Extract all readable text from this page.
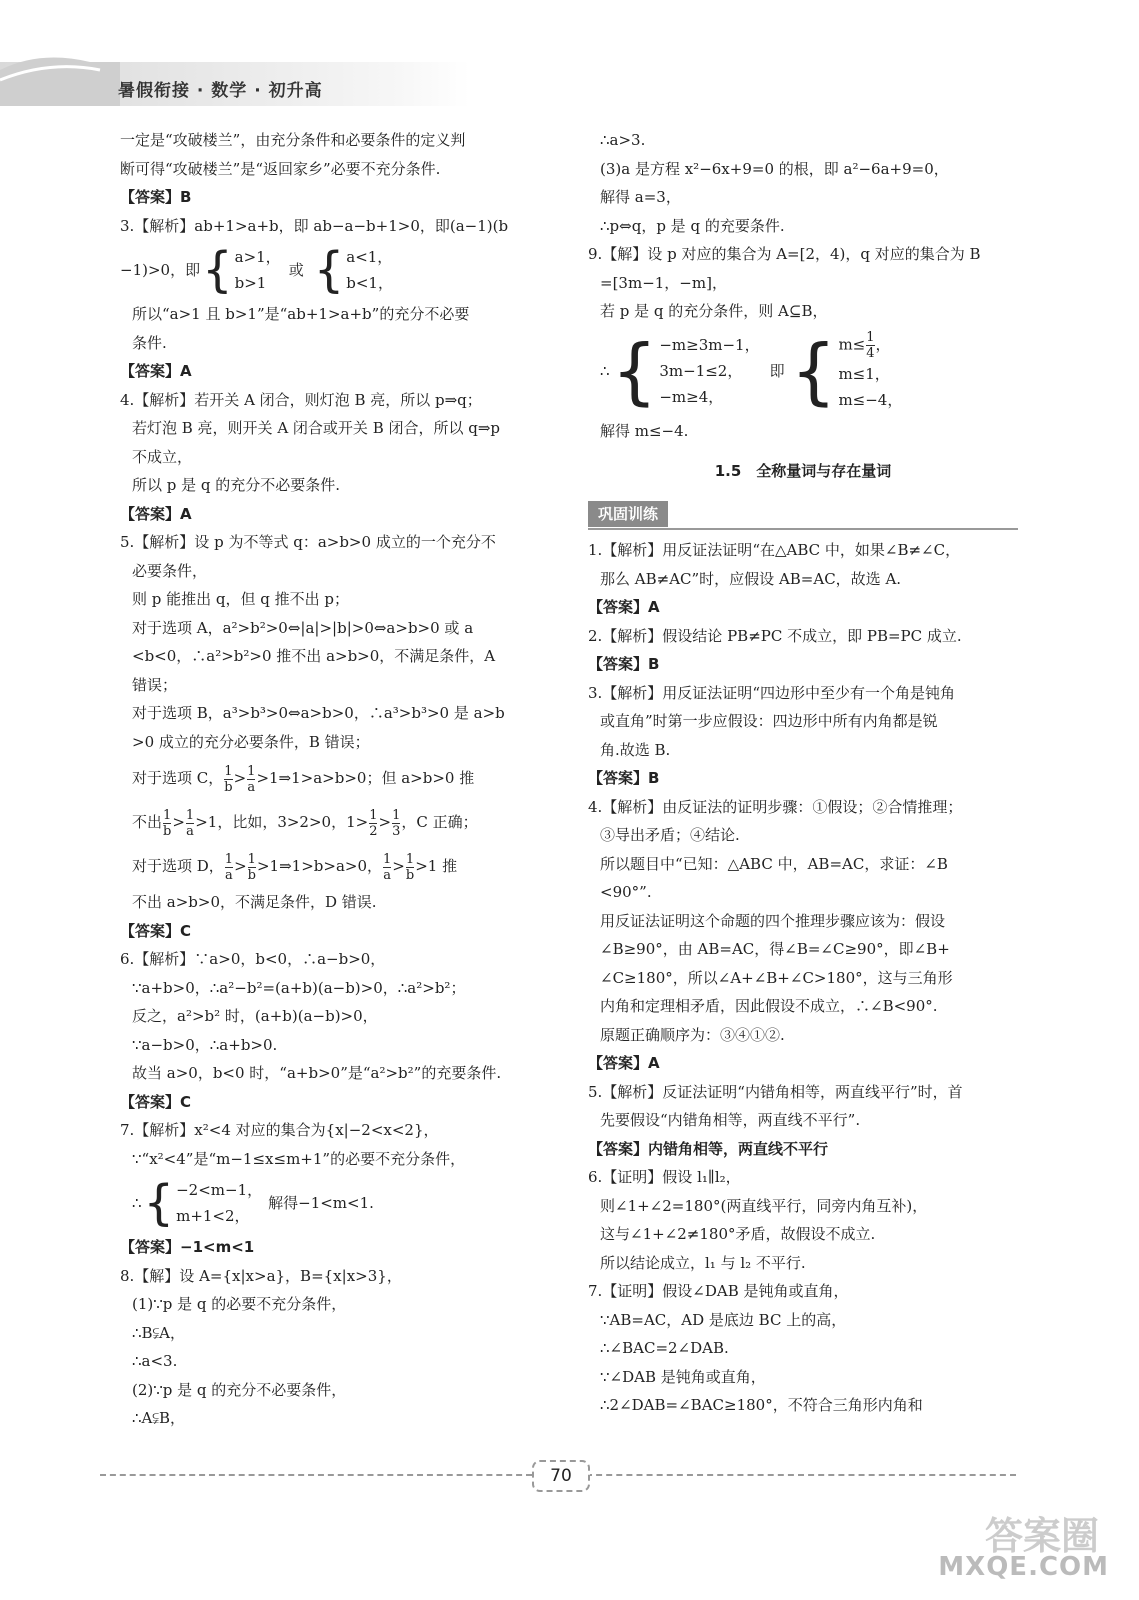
暑假衔接 · 数学 · 初升高
一定是“攻破楼兰”，由充分条件和必要条件的定义判
断可得“攻破楼兰”是“返回家乡”必要不充分条件.
【答案】B
3.【解析】ab+1>a+b，即 ab−a−b+1>0，即(a−1)(b
−1)>0，即 { a>1，
b>1
或 { a<1，
b<1，
所以“a>1 且 b>1”是“ab+1>a+b”的充分不必要
条件.
【答案】A
4.【解析】若开关 A 闭合，则灯泡 B 亮，所以 p⇒q；
若灯泡 B 亮，则开关 A 闭合或开关 B 闭合，所以 q⇒p
不成立，
所以 p 是 q 的充分不必要条件.
【答案】A
5.【解析】设 p 为不等式 q：a>b>0 成立的一个充分不
必要条件，
则 p 能推出 q，但 q 推不出 p；
对于选项 A，a²>b²>0⇔|a|>|b|>0⇔a>b>0 或 a
<b<0，∴a²>b²>0 推不出 a>b>0，不满足条件，A
错误；
对于选项 B，a³>b³>0⇔a>b>0，∴a³>b³>0 是 a>b
>0 成立的充分必要条件，B 错误；
对于选项 C， $\frac{1}{b} > \frac{1}{a}$ >1⇒1>a>b>0；但 a>b>0 推
不出 $\frac{1}{b} > \frac{1}{a} >1$，比如，3>2>0，$1> \frac{1}{2} > \frac{1}{3}$ ，C 正确；
对于选项 D， $\frac{1}{a} > \frac{1}{b}$ >1⇒1>b>a>0， $\frac{1}{a} > \frac{1}{b} >1$ 推
不出 a>b>0，不满足条件，D 错误.
【答案】C
6.【解析】∵a>0，b<0，∴a−b>0，
∵a+b>0，∴a²−b²=(a+b)(a−b)>0，∴a²>b²；
反之，a²>b² 时，(a+b)(a−b)>0，
∵a−b>0，∴a+b>0.
故当 a>0，b<0 时，“a+b>0”是“a²>b²”的充要条件.
【答案】C
7.【解析】x²<4 对应的集合为{x|−2<x<2}，
∵“x²<4”是“m−1≤x≤m+1”的必要不充分条件，
∴ { −2<m−1，
m+1<2，
解得−1<m<1.
【答案】−1<m<1
8.【解】设 A={x|x>a}，B={x|x>3}，
(1)∵p 是 q 的必要不充分条件，
∴B⫋A，
∴a<3.
(2)∵p 是 q 的充分不必要条件，
∴A⫋B，
∴a>3.
(3)a 是方程 x²−6x+9=0 的根，即 a²−6a+9=0，
解得 a=3，
∴p⇔q，p 是 q 的充要条件.
9.【解】设 p 对应的集合为 A=[2，4)，q 对应的集合为 B
=[3m−1，−m]，
若 p 是 q 的充分条件，则 A⊆B，
∴ { −m≥3m−1，
3m−1≤2，
−m≥4，
即 { $m\le \frac{1}{4}$ ，
m≤1，
m≤−4，
解得 m≤−4.
1.5　全称量词与存在量词
巩固训练
1.【解析】用反证法证明“在△ABC 中，如果∠B≠∠C，
那么 AB≠AC”时，应假设 AB=AC，故选 A.
【答案】A
2.【解析】假设结论 PB≠PC 不成立，即 PB=PC 成立.
【答案】B
3.【解析】用反证法证明“四边形中至少有一个角是钝角
或直角”时第一步应假设：四边形中所有内角都是锐
角.故选 B.
【答案】B
4.【解析】由反证法的证明步骤：①假设；②合情推理；
③导出矛盾；④结论.
所以题目中“已知：△ABC 中，AB=AC，求证：∠B
<90°”.
用反证法证明这个命题的四个推理步骤应该为：假设
∠B≥90°，由 AB=AC，得∠B=∠C≥90°，即∠B+
∠C≥180°，所以∠A+∠B+∠C>180°，这与三角形
内角和定理相矛盾，因此假设不成立，∴∠B<90°.
原题正确顺序为：③④①②.
【答案】A
5.【解析】反证法证明“内错角相等，两直线平行”时，首
先要假设“内错角相等，两直线不平行”.
【答案】内错角相等，两直线不平行
6.【证明】假设 l₁∥l₂，
则∠1+∠2=180°(两直线平行，同旁内角互补)，
这与∠1+∠2≠180°矛盾，故假设不成立.
所以结论成立，l₁ 与 l₂ 不平行.
7.【证明】假设∠DAB 是钝角或直角，
∵AB=AC，AD 是底边 BC 上的高，
∴∠BAC=2∠DAB.
∵∠DAB 是钝角或直角，
∴2∠DAB=∠BAC≥180°，不符合三角形内角和
70
答案圈
MXQE.COM
